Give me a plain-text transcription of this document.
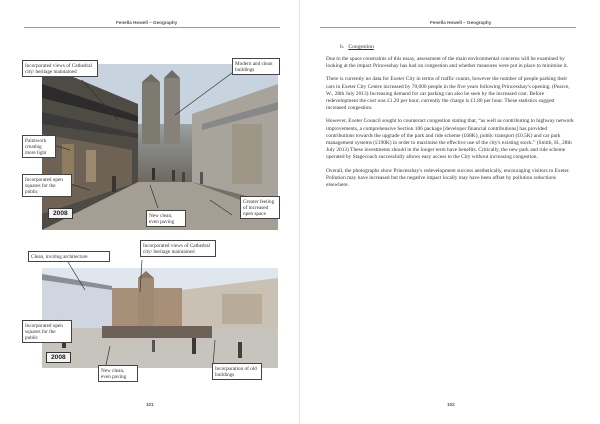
Fenella Howell – Geography
Incorporated views of Cathedral city/ heritage maintained
Modern and clean buildings
Paintwork creating more light
Incorporated open squares for the public
New clean, even paving
Greater feeling of increased open space
2008
Clean, inviting architecture
Incorporated views of Cathedral city/ heritage maintained
Incorporated open squares for the public
New clean, even paving
Incorporation of old buildings
2008
101
Fenella Howell – Geography
b. Congestion

Due to the space constraints of this essay, assessment of the main environmental concerns will be examined by looking at the impact Princesshay has had on congestion and whether measures were put in place to minimise it.

There is currently no data for Exeter City in terms of traffic counts, however the number of people parking their cars in Exeter City Centre increased by 70,000 people in the five years following Princesshay's opening. (Pearce, W., 28th July 2013) Increasing demand for car parking can also be seen by the increased cost. Before redevelopment the cost was £1.20 per hour, currently the charge is £1.80 per hour. These statistics suggest increased congestion.

However, Exeter Council sought to counteract congestion stating that, “as well as contributing to highway network improvements, a comprehensive Section 106 package [developer financial contributions] has provided contributions towards the upgrade of the park and ride scheme (£68K), public transport (£0.5K) and car park management systems (£190K) in order to maximise the effective use of the city's existing stock.” (Smith, H., 28th July 2013) These investments should in the longer term have benefits. Critically, the new park and ride scheme operated by Stagecoach successfully allows easy access to the City without increasing congestion.

Overall, the photographs show Princesshay's redevelopment success aesthetically, encouraging visitors to Exeter. Pollution may have increased but the negative impact locally may have been offset by pollution reductions elsewhere.

102
